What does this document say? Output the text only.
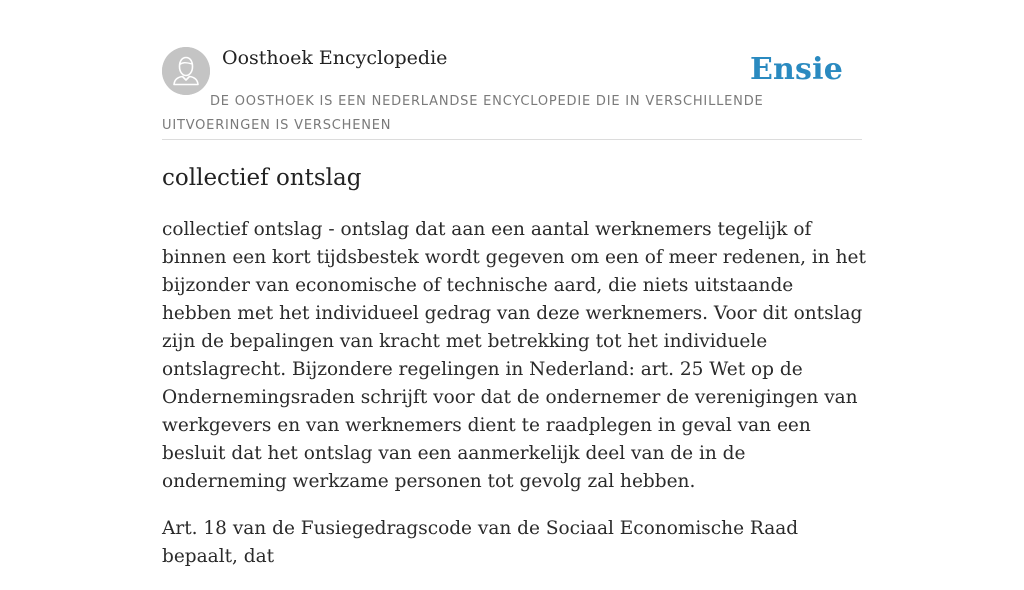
Oosthoek Encyclopedie	Ensie
DE OOSTHOEK IS EEN NEDERLANDSE ENCYCLOPEDIE DIE IN VERSCHILLENDE UITVOERINGEN IS VERSCHENEN
collectief ontslag

collectief ontslag - ontslag dat aan een aantal werknemers tegelijk of binnen een kort tijdsbestek wordt gegeven om een of meer redenen, in het bijzonder van economische of technische aard, die niets uitstaande hebben met het individueel gedrag van deze werknemers. Voor dit ontslag zijn de bepalingen van kracht met betrekking tot het individuele ontslagrecht. Bijzondere regelingen in Nederland: art. 25 Wet op de Ondernemingsraden schrijft voor dat de ondernemer de verenigingen van werkgevers en van werknemers dient te raadplegen in geval van een besluit dat het ontslag van een aanmerkelijk deel van de in de onderneming werkzame personen tot gevolg zal hebben.

Art. 18 van de Fusiegedragscode van de Sociaal Economische Raad bepaalt, dat
